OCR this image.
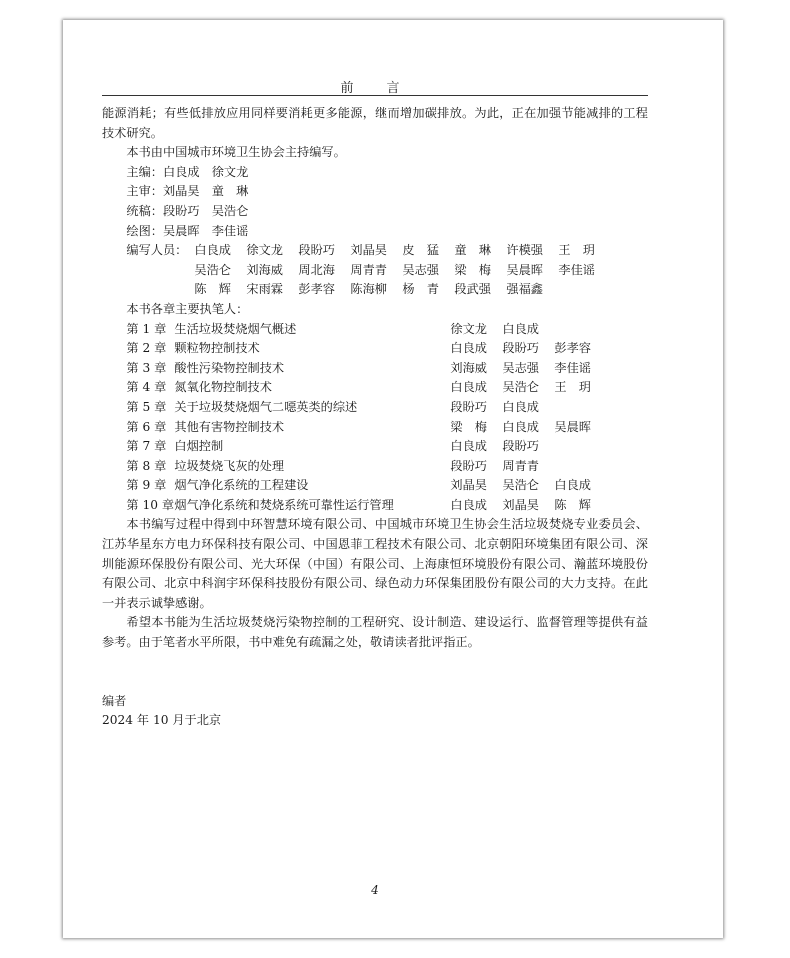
前　言

能源消耗；有些低排放应用同样要消耗更多能源，继而增加碳排放。为此，正在加强节能减排的工程技术研究。

本书由中国城市环境卫生协会主持编写。

主编：白良成　徐文龙

主审：刘晶昊　童　琳

统稿：段盼巧　吴浩仑

绘图：吴晨晖　李佳谣

编写人员： 白良成	徐文龙	段盼巧	刘晶昊	皮　猛	童　琳	许模强	王　玥
吴浩仑	刘海威	周北海	周青青	吴志强	梁　梅	吴晨晖	李佳谣
陈　辉	宋雨霖	彭孝容	陈海柳	杨　青	段武强	强福鑫

本书各章主要执笔人：

第 1 章 生活垃圾焚烧烟气概述	徐文龙	白良成
第 2 章 颗粒物控制技术	白良成	段盼巧	彭孝容
第 3 章 酸性污染物控制技术	刘海威	吴志强	李佳谣
第 4 章 氮氧化物控制技术	白良成	吴浩仑	王　玥
第 5 章 关于垃圾焚烧烟气二噁英类的综述	段盼巧	白良成
第 6 章 其他有害物控制技术	梁　梅	白良成	吴晨晖
第 7 章 白烟控制	白良成	段盼巧
第 8 章 垃圾焚烧飞灰的处理	段盼巧	周青青
第 9 章 烟气净化系统的工程建设	刘晶昊	吴浩仑	白良成
第 10 章 烟气净化系统和焚烧系统可靠性运行管理	白良成	刘晶昊	陈　辉

本书编写过程中得到中环智慧环境有限公司、中国城市环境卫生协会生活垃圾焚烧专业委员会、江苏华星东方电力环保科技有限公司、中国恩菲工程技术有限公司、北京朝阳环境集团有限公司、深圳能源环保股份有限公司、光大环保（中国）有限公司、上海康恒环境股份有限公司、瀚蓝环境股份有限公司、北京中科润宇环保科技股份有限公司、绿色动力环保集团股份有限公司的大力支持。在此一并表示诚挚感谢。

希望本书能为生活垃圾焚烧污染物控制的工程研究、设计制造、建设运行、监督管理等提供有益参考。由于笔者水平所限，书中难免有疏漏之处，敬请读者批评指正。

编者

2024 年 10 月于北京

4
